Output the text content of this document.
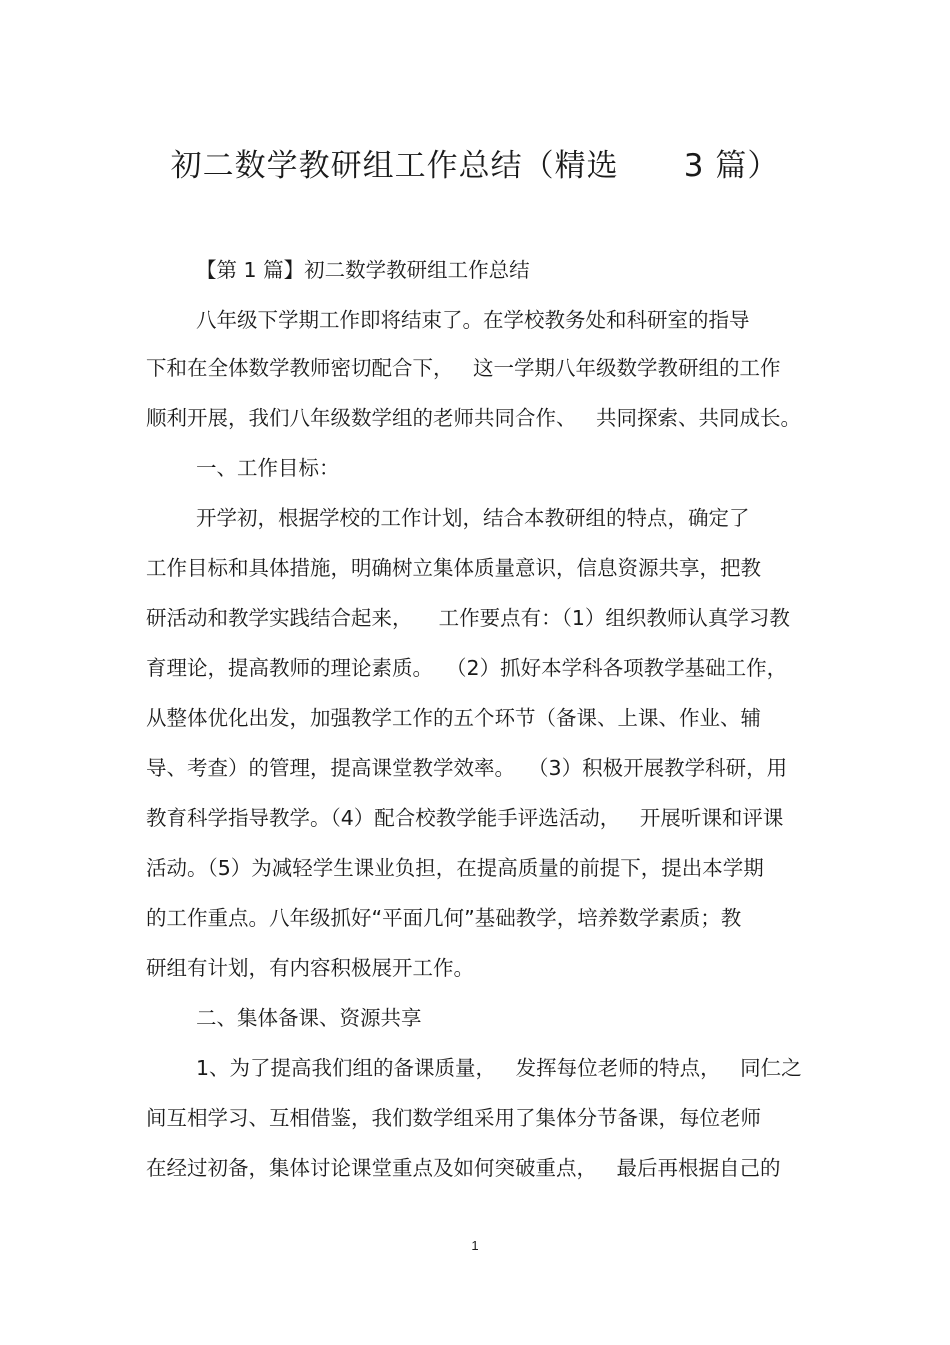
初二数学教研组工作总结（精选      3 篇）
【第 1 篇】初二数学教研组工作总结
八年级下学期工作即将结束了。在学校教务处和科研室的指导
下和在全体数学教师密切配合下，   这一学期八年级数学教研组的工作
顺利开展，我们八年级数学组的老师共同合作、   共同探索、共同成长。
一、工作目标：
开学初，根据学校的工作计划，结合本教研组的特点，确定了
工作目标和具体措施，明确树立集体质量意识，信息资源共享，把教
研活动和教学实践结合起来，    工作要点有：（1）组织教师认真学习教
育理论，提高教师的理论素质。  （2）抓好本学科各项教学基础工作，
从整体优化出发，加强教学工作的五个环节（备课、上课、作业、辅
导、考查）的管理，提高课堂教学效率。  （3）积极开展教学科研，用
教育科学指导教学。（4）配合校教学能手评选活动，   开展听课和评课
活动。（5）为减轻学生课业负担，在提高质量的前提下，提出本学期
的工作重点。八年级抓好“平面几何”基础教学，培养数学素质；教
研组有计划，有内容积极展开工作。
二、集体备课、资源共享
1、为了提高我们组的备课质量，   发挥每位老师的特点，   同仁之
间互相学习、互相借鉴，我们数学组采用了集体分节备课，每位老师
在经过初备，集体讨论课堂重点及如何突破重点，   最后再根据自己的
1
